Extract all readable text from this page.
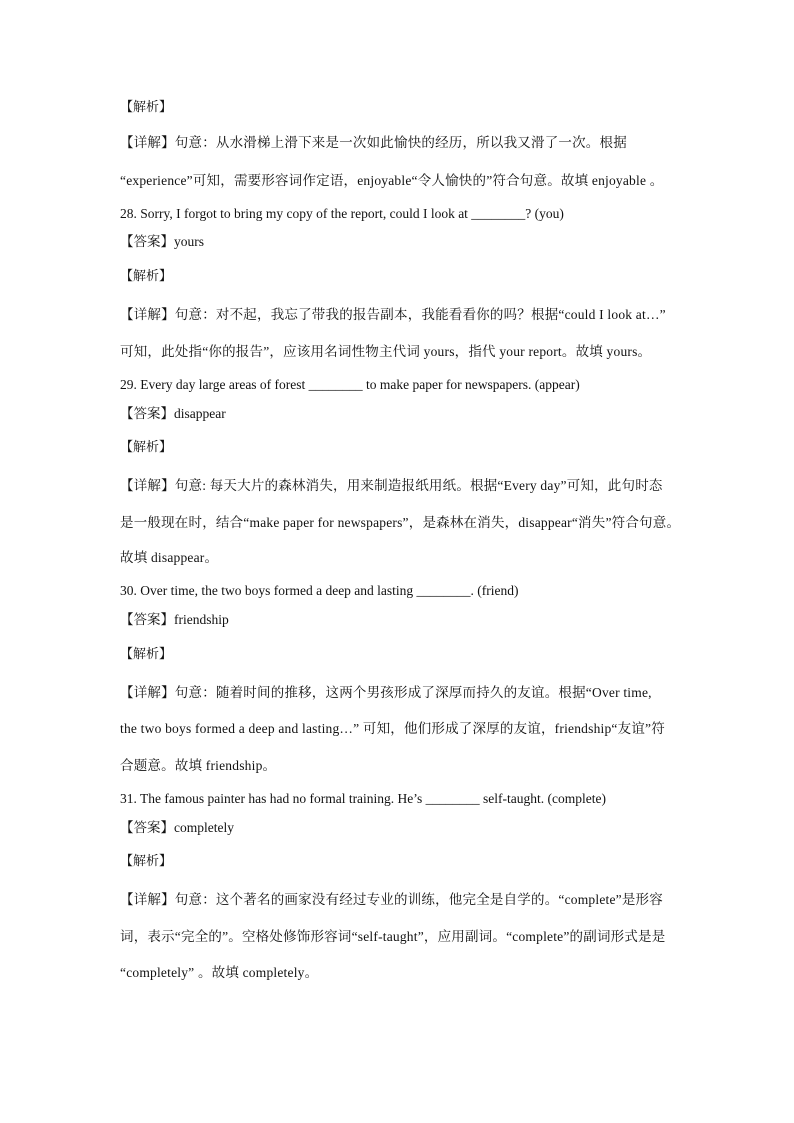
【解析】

【详解】句意：从水滑梯上滑下来是一次如此愉快的经历，所以我又滑了一次。根据

“experience”可知，需要形容词作定语，enjoyable“令人愉快的”符合句意。故填 enjoyable 。

28. Sorry, I forgot to bring my copy of the report, could I look at ________? (you)

【答案】yours

【解析】

【详解】句意：对不起，我忘了带我的报告副本，我能看看你的吗？根据“could I look at…”

可知，此处指“你的报告”，应该用名词性物主代词 yours，指代 your report。故填 yours。

29. Every day large areas of forest ________ to make paper for newspapers. (appear)

【答案】disappear

【解析】

【详解】句意: 每天大片的森林消失，用来制造报纸用纸。根据“Every day”可知，此句时态

是一般现在时，结合“make paper for newspapers”，是森林在消失，disappear“消失”符合句意。

故填 disappear。

30. Over time, the two boys formed a deep and lasting ________. (friend)

【答案】friendship

【解析】

【详解】句意：随着时间的推移，这两个男孩形成了深厚而持久的友谊。根据“Over time,

the two boys formed a deep and lasting…” 可知，他们形成了深厚的友谊，friendship“友谊”符

合题意。故填 friendship。

31. The famous painter has had no formal training. He’s ________ self-taught. (complete)

【答案】completely

【解析】

【详解】句意：这个著名的画家没有经过专业的训练，他完全是自学的。“complete”是形容

词，表示“完全的”。空格处修饰形容词“self-taught”，应用副词。“complete”的副词形式是是

“completely” 。故填 completely。
